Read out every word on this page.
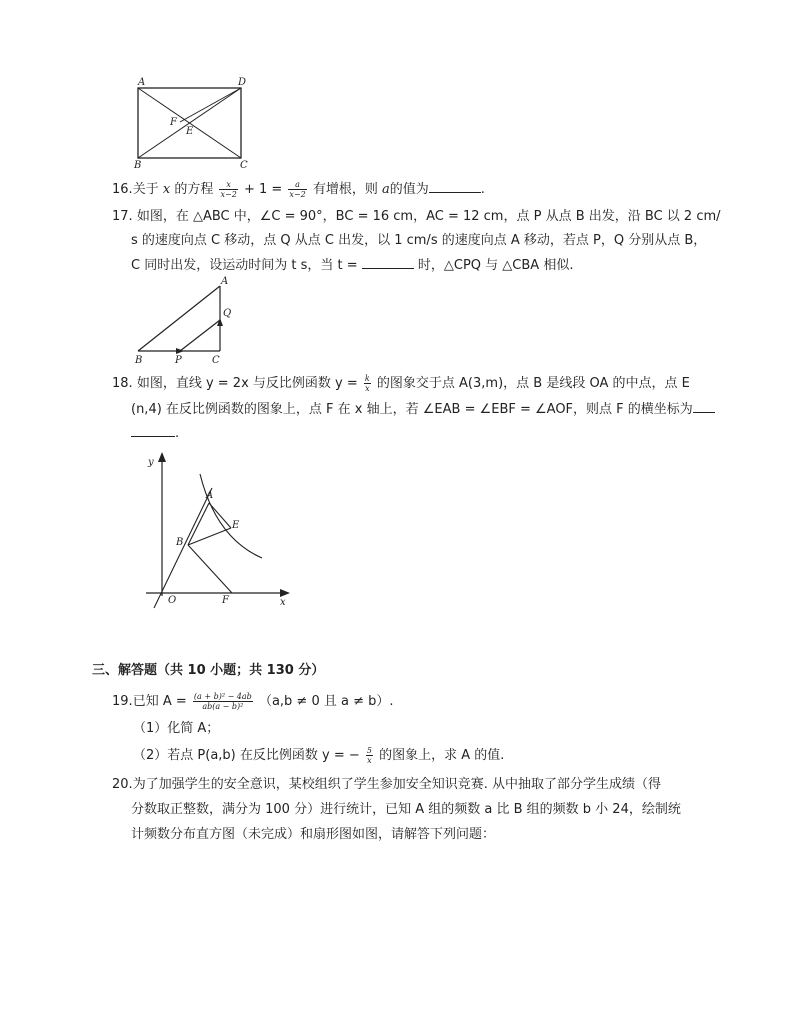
A	D
F
E
B	C
16.关于 x 的方程 $\frac{x}{x-2} + 1 = \frac{a}{x-2}$ 有增根，则 a的值为	.
17. 如图，在 △ABC 中，∠C = 90°，BC = 16 cm，AC = 12 cm，点 P 从点 B 出发，沿 BC 以 2 cm/
s 的速度向点 C 移动，点 Q 从点 C 出发，以 1 cm/s 的速度向点 A 移动，若点 P，Q 分别从点 B，
C 同时出发，设运动时间为 t s，当 t =	时，△CPQ 与 △CBA 相似.
A
Q
B	P	C
18. 如图，直线 y = 2x 与反比例函数 $y = \frac{k}{x}$ 的图象交于点 A(3,m)，点 B 是线段 OA 的中点，点 E
(n,4) 在反比例函数的图象上，点 F 在 x 轴上，若 ∠EAB = ∠EBF = ∠AOF，则点 F 的横坐标为
.
y
x
A
E
B
O	F
三、解答题（共 10 小题；共 130 分）
19.已知 $A = \frac{\text{(a + b)² − 4ab}}{\text{ab(a − b)²}} (a,b \ne 0$ 且 a ≠ b）.
（1）化简 A；
（2）若点 P(a,b) 在反比例函数 y = − $\frac{5}{x}$ 的图象上，求 A 的值.
20.为了加强学生的安全意识，某校组织了学生参加安全知识竞赛. 从中抽取了部分学生成绩（得
分数取正整数，满分为 100 分）进行统计，已知 A 组的频数 a 比 B 组的频数 b 小 24，绘制统
计频数分布直方图（未完成）和扇形图如图，请解答下列问题：
